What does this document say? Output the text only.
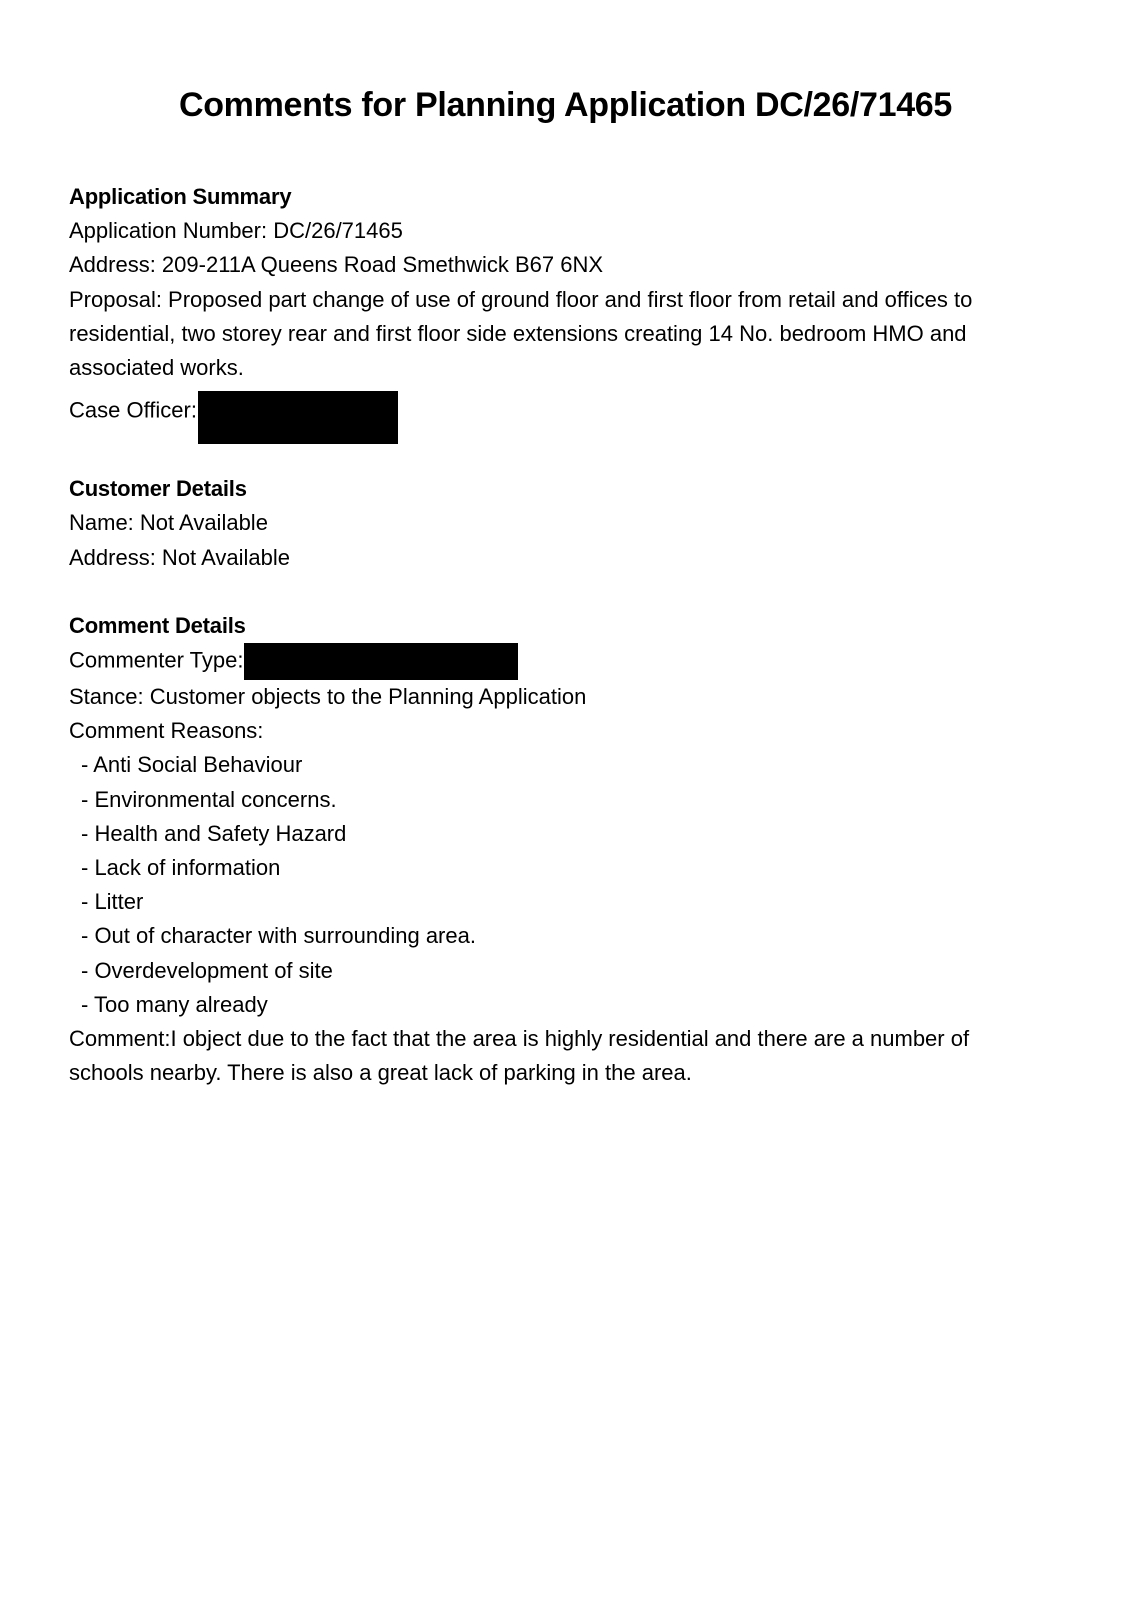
Comments for Planning Application DC/26/71465
Application Summary
Application Number: DC/26/71465
Address: 209-211A Queens Road Smethwick B67 6NX
Proposal: Proposed part change of use of ground floor and first floor from retail and offices to residential, two storey rear and first floor side extensions creating 14 No. bedroom HMO and associated works.
Case Officer:
Customer Details
Name: Not Available
Address: Not Available
Comment Details
Commenter Type:
Stance: Customer objects to the Planning Application
Comment Reasons:
- Anti Social Behaviour
- Environmental concerns.
- Health and Safety Hazard
- Lack of information
- Litter
- Out of character with surrounding area.
- Overdevelopment of site
- Too many already
Comment:I object due to the fact that the area is highly residential and there are a number of schools nearby. There is also a great lack of parking in the area.
